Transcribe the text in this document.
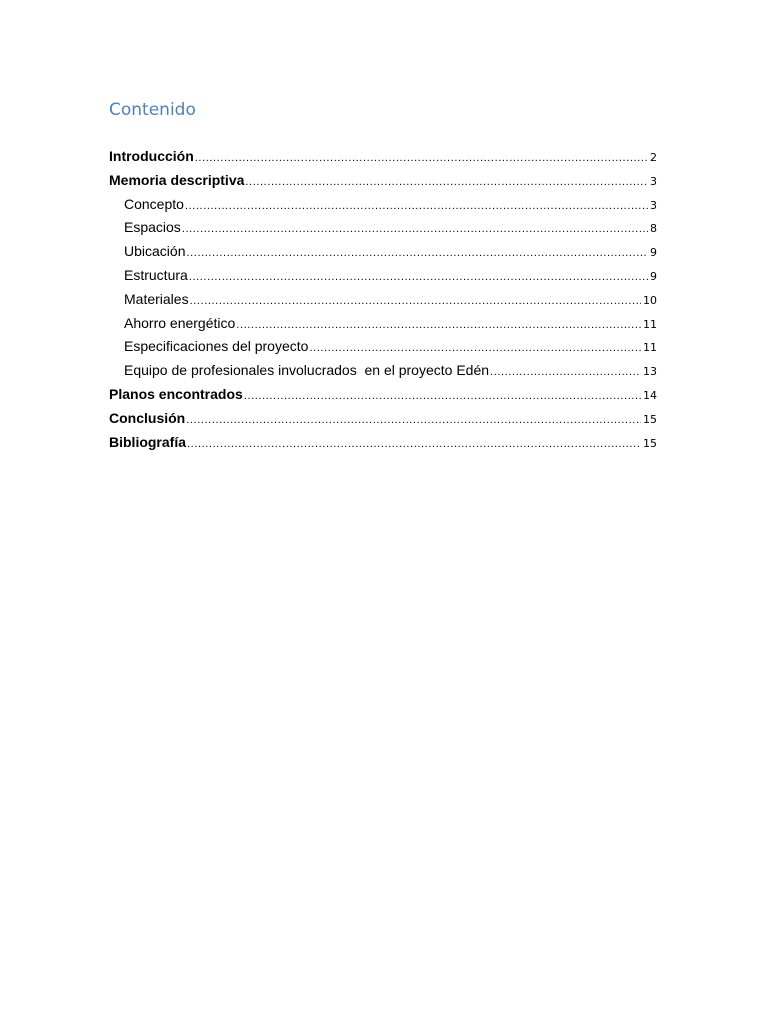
Contenido
Introducción .....	2
Memoria descriptiva .....	3
Concepto .....	3
Espacios .....	8
Ubicación .....	9
Estructura .....	9
Materiales .....	10
Ahorro energético .....	11
Especificaciones del proyecto .....	11
Equipo de profesionales involucrados  en el proyecto Edén .....	13
Planos encontrados .....	14
Conclusión .....	15
Bibliografía .....	15
